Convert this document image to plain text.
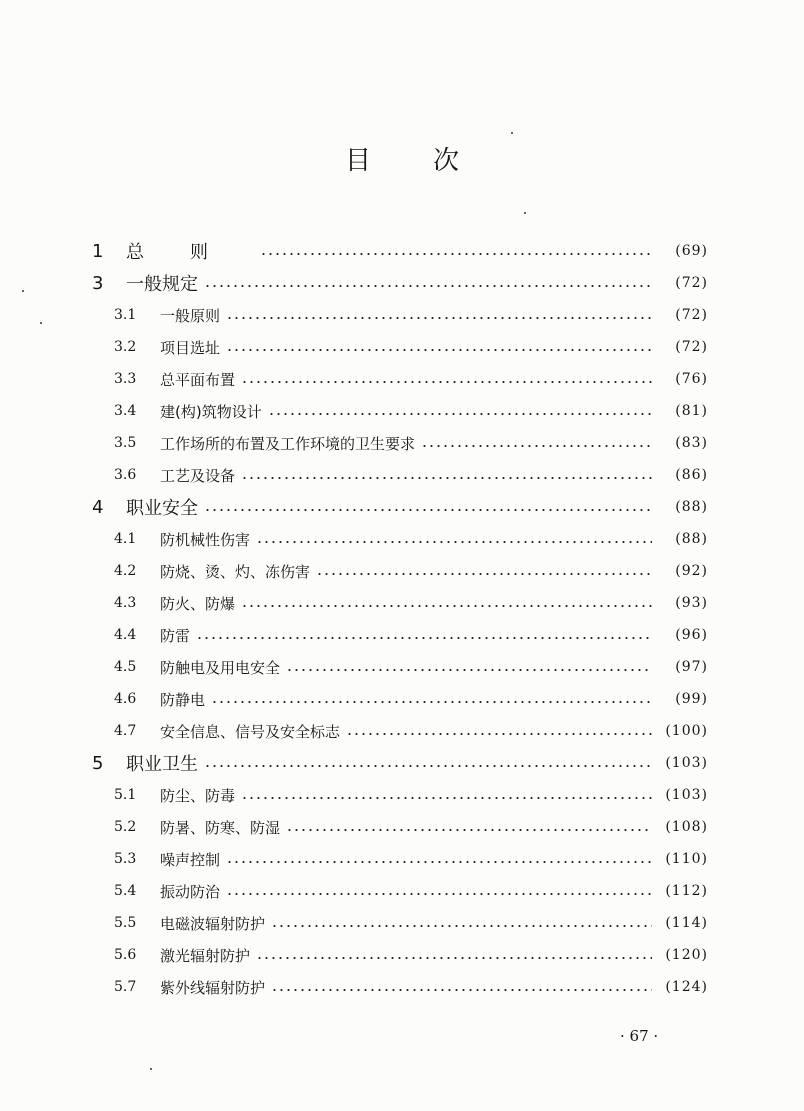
目次
1	总则	(69)
3	一般规定	(72)
3.1	一般原则	(72)
3.2	项目选址	(72)
3.3	总平面布置	(76)
3.4	建(构)筑物设计	(81)
3.5	工作场所的布置及工作环境的卫生要求	(83)
3.6	工艺及设备	(86)
4	职业安全	(88)
4.1	防机械性伤害	(88)
4.2	防烧、烫、灼、冻伤害	(92)
4.3	防火、防爆	(93)
4.4	防雷	(96)
4.5	防触电及用电安全	(97)
4.6	防静电	(99)
4.7	安全信息、信号及安全标志	(100)
5	职业卫生	(103)
5.1	防尘、防毒	(103)
5.2	防暑、防寒、防湿	(108)
5.3	噪声控制	(110)
5.4	振动防治	(112)
5.5	电磁波辐射防护	(114)
5.6	激光辐射防护	(120)
5.7	紫外线辐射防护	(124)
· 67 ·
